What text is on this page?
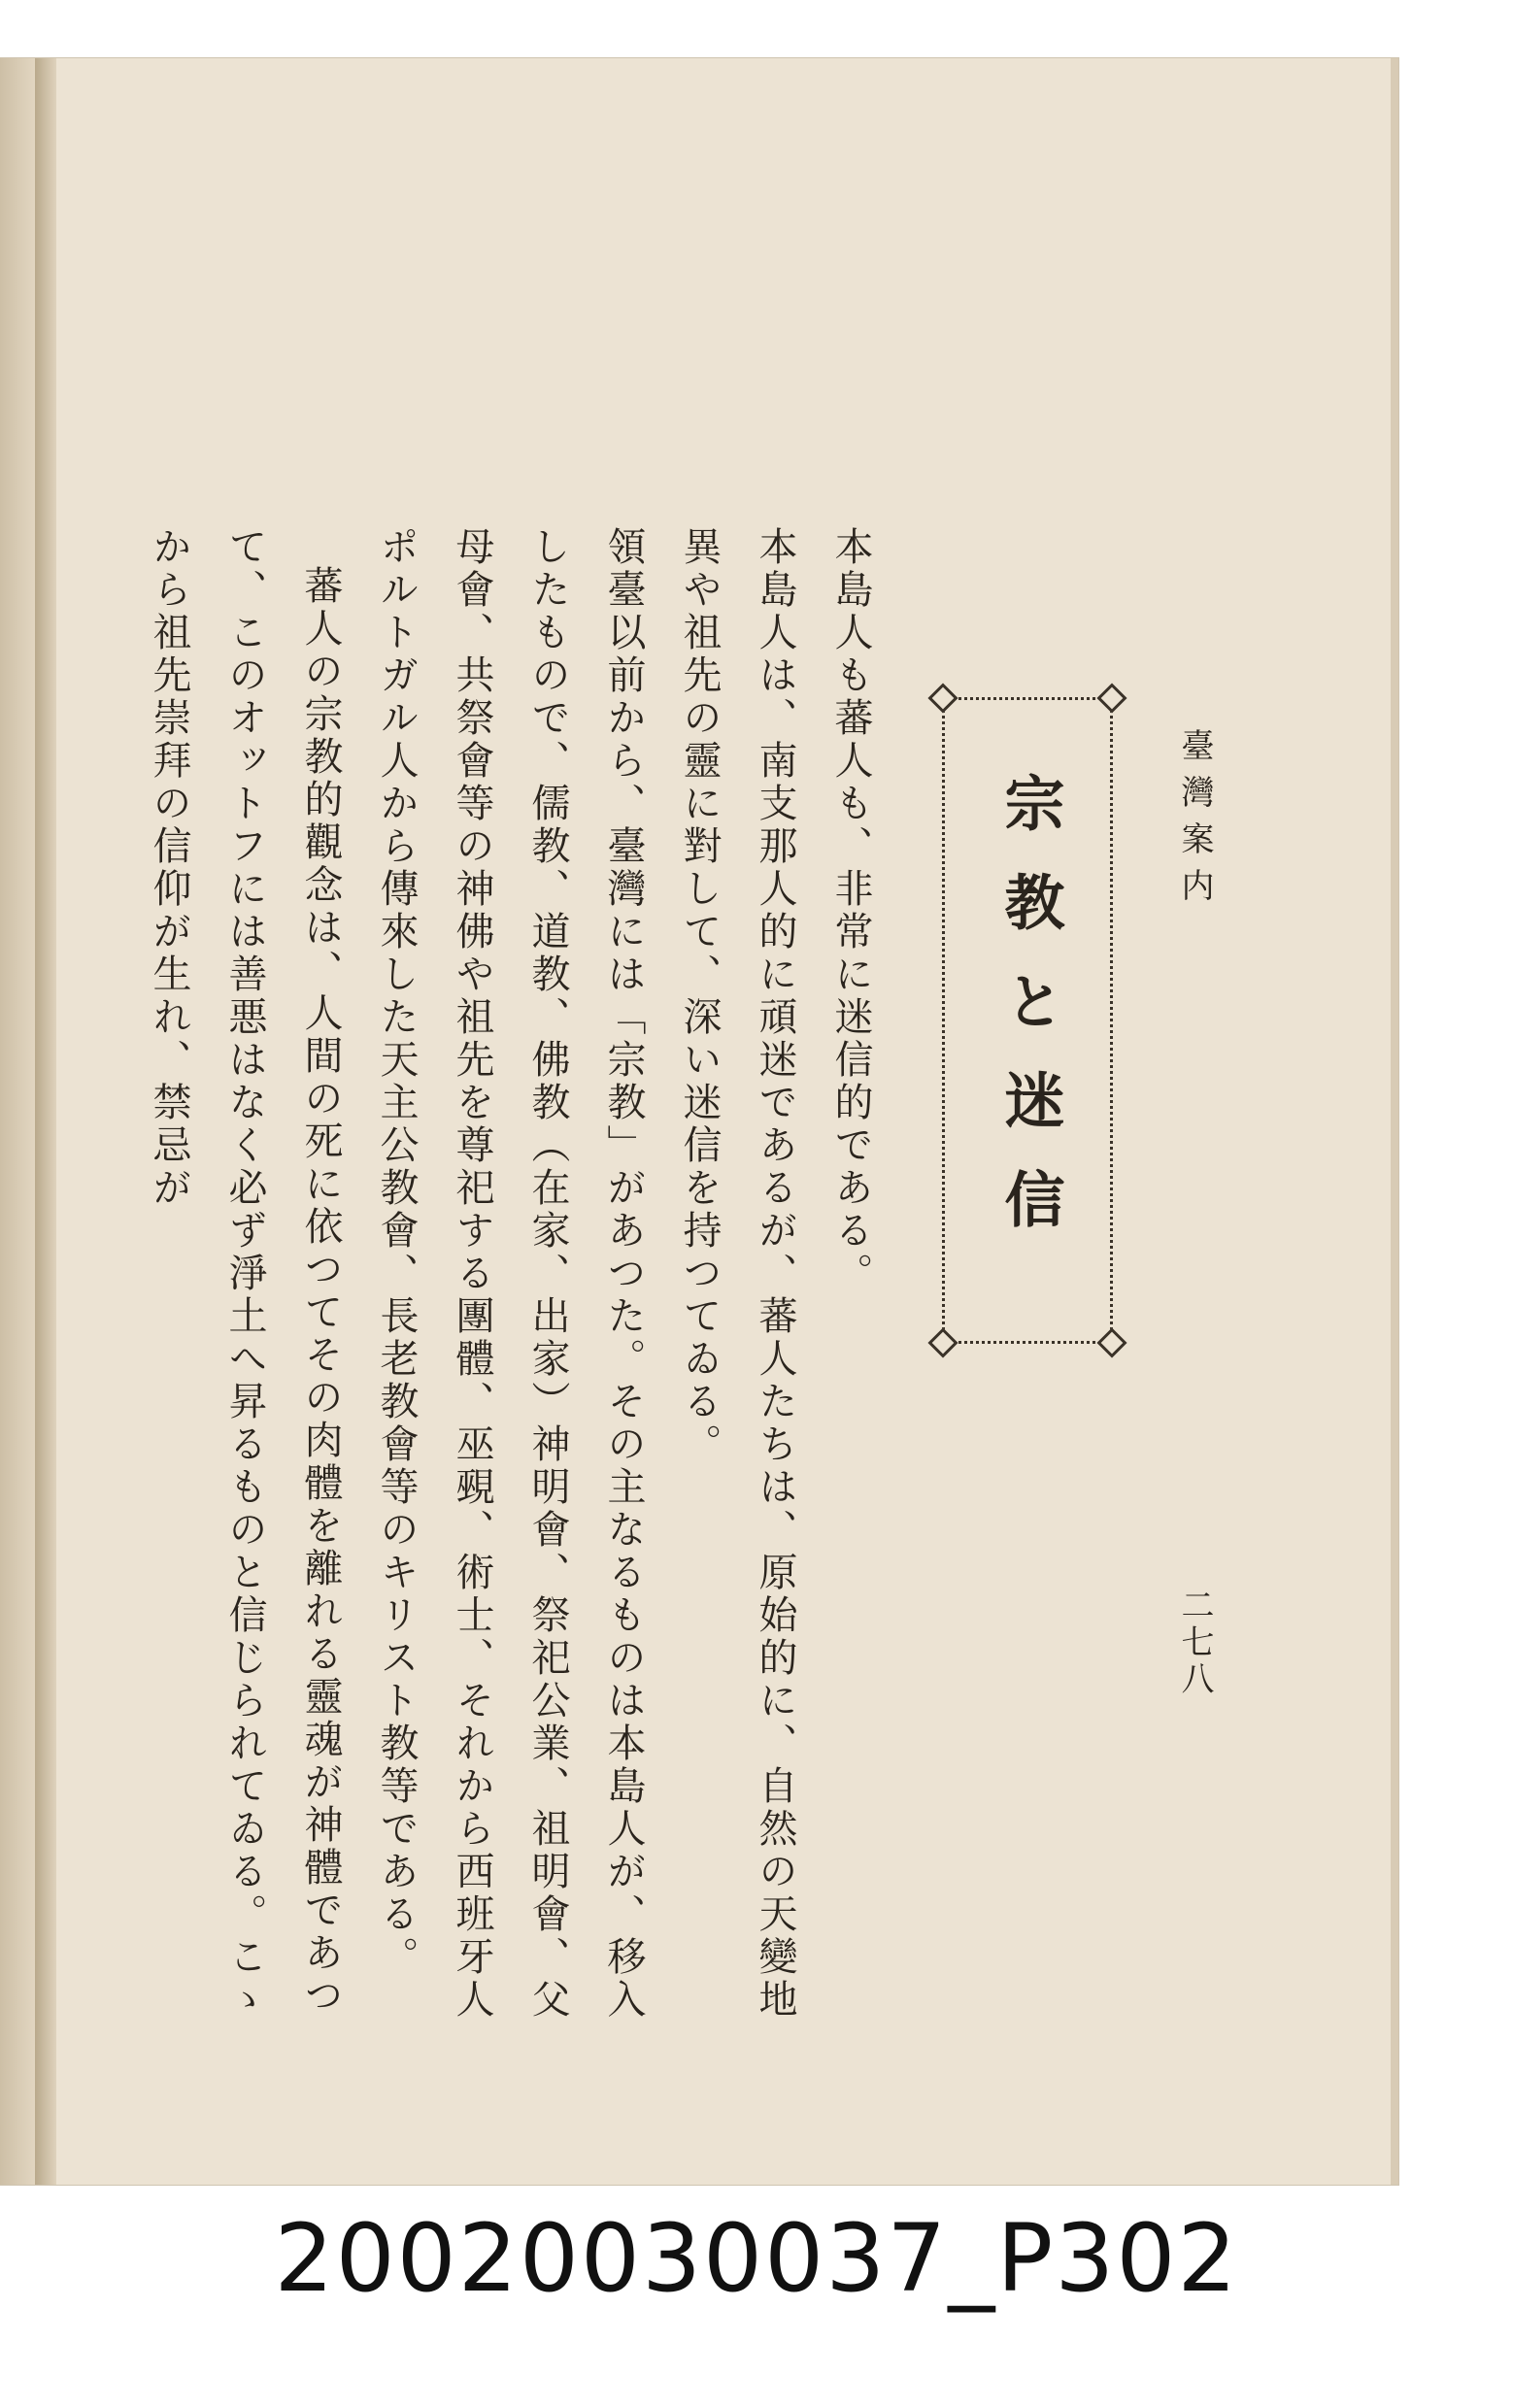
臺灣案内
二七八
宗教と迷信

本島人も蕃人も、非常に迷信的である。

本島人は、南支那人的に頑迷であるが、蕃人たちは、原始的に、自然の天變地異や祖先の靈に對して、深い迷信を持つてゐる。

領臺以前から、臺灣には「宗教」があつた。その主なるものは本島人が、移入したもので、儒教、道教、佛教（在家、出家）神明會、祭祀公業、祖明會、父母會、共祭會等の神佛や祖先を尊祀する團體、巫覡、術士、それから西班牙人ポルトガル人から傳來した天主公教會、長老教會等のキリスト教等である。

蕃人の宗教的觀念は、人間の死に依つてその肉體を離れる靈魂が神體であつて、このオットフには善悪はなく必ず淨土へ昇るものと信じられてゐる。こゝから祖先崇拜の信仰が生れ、禁忌が

20020030037_P302
